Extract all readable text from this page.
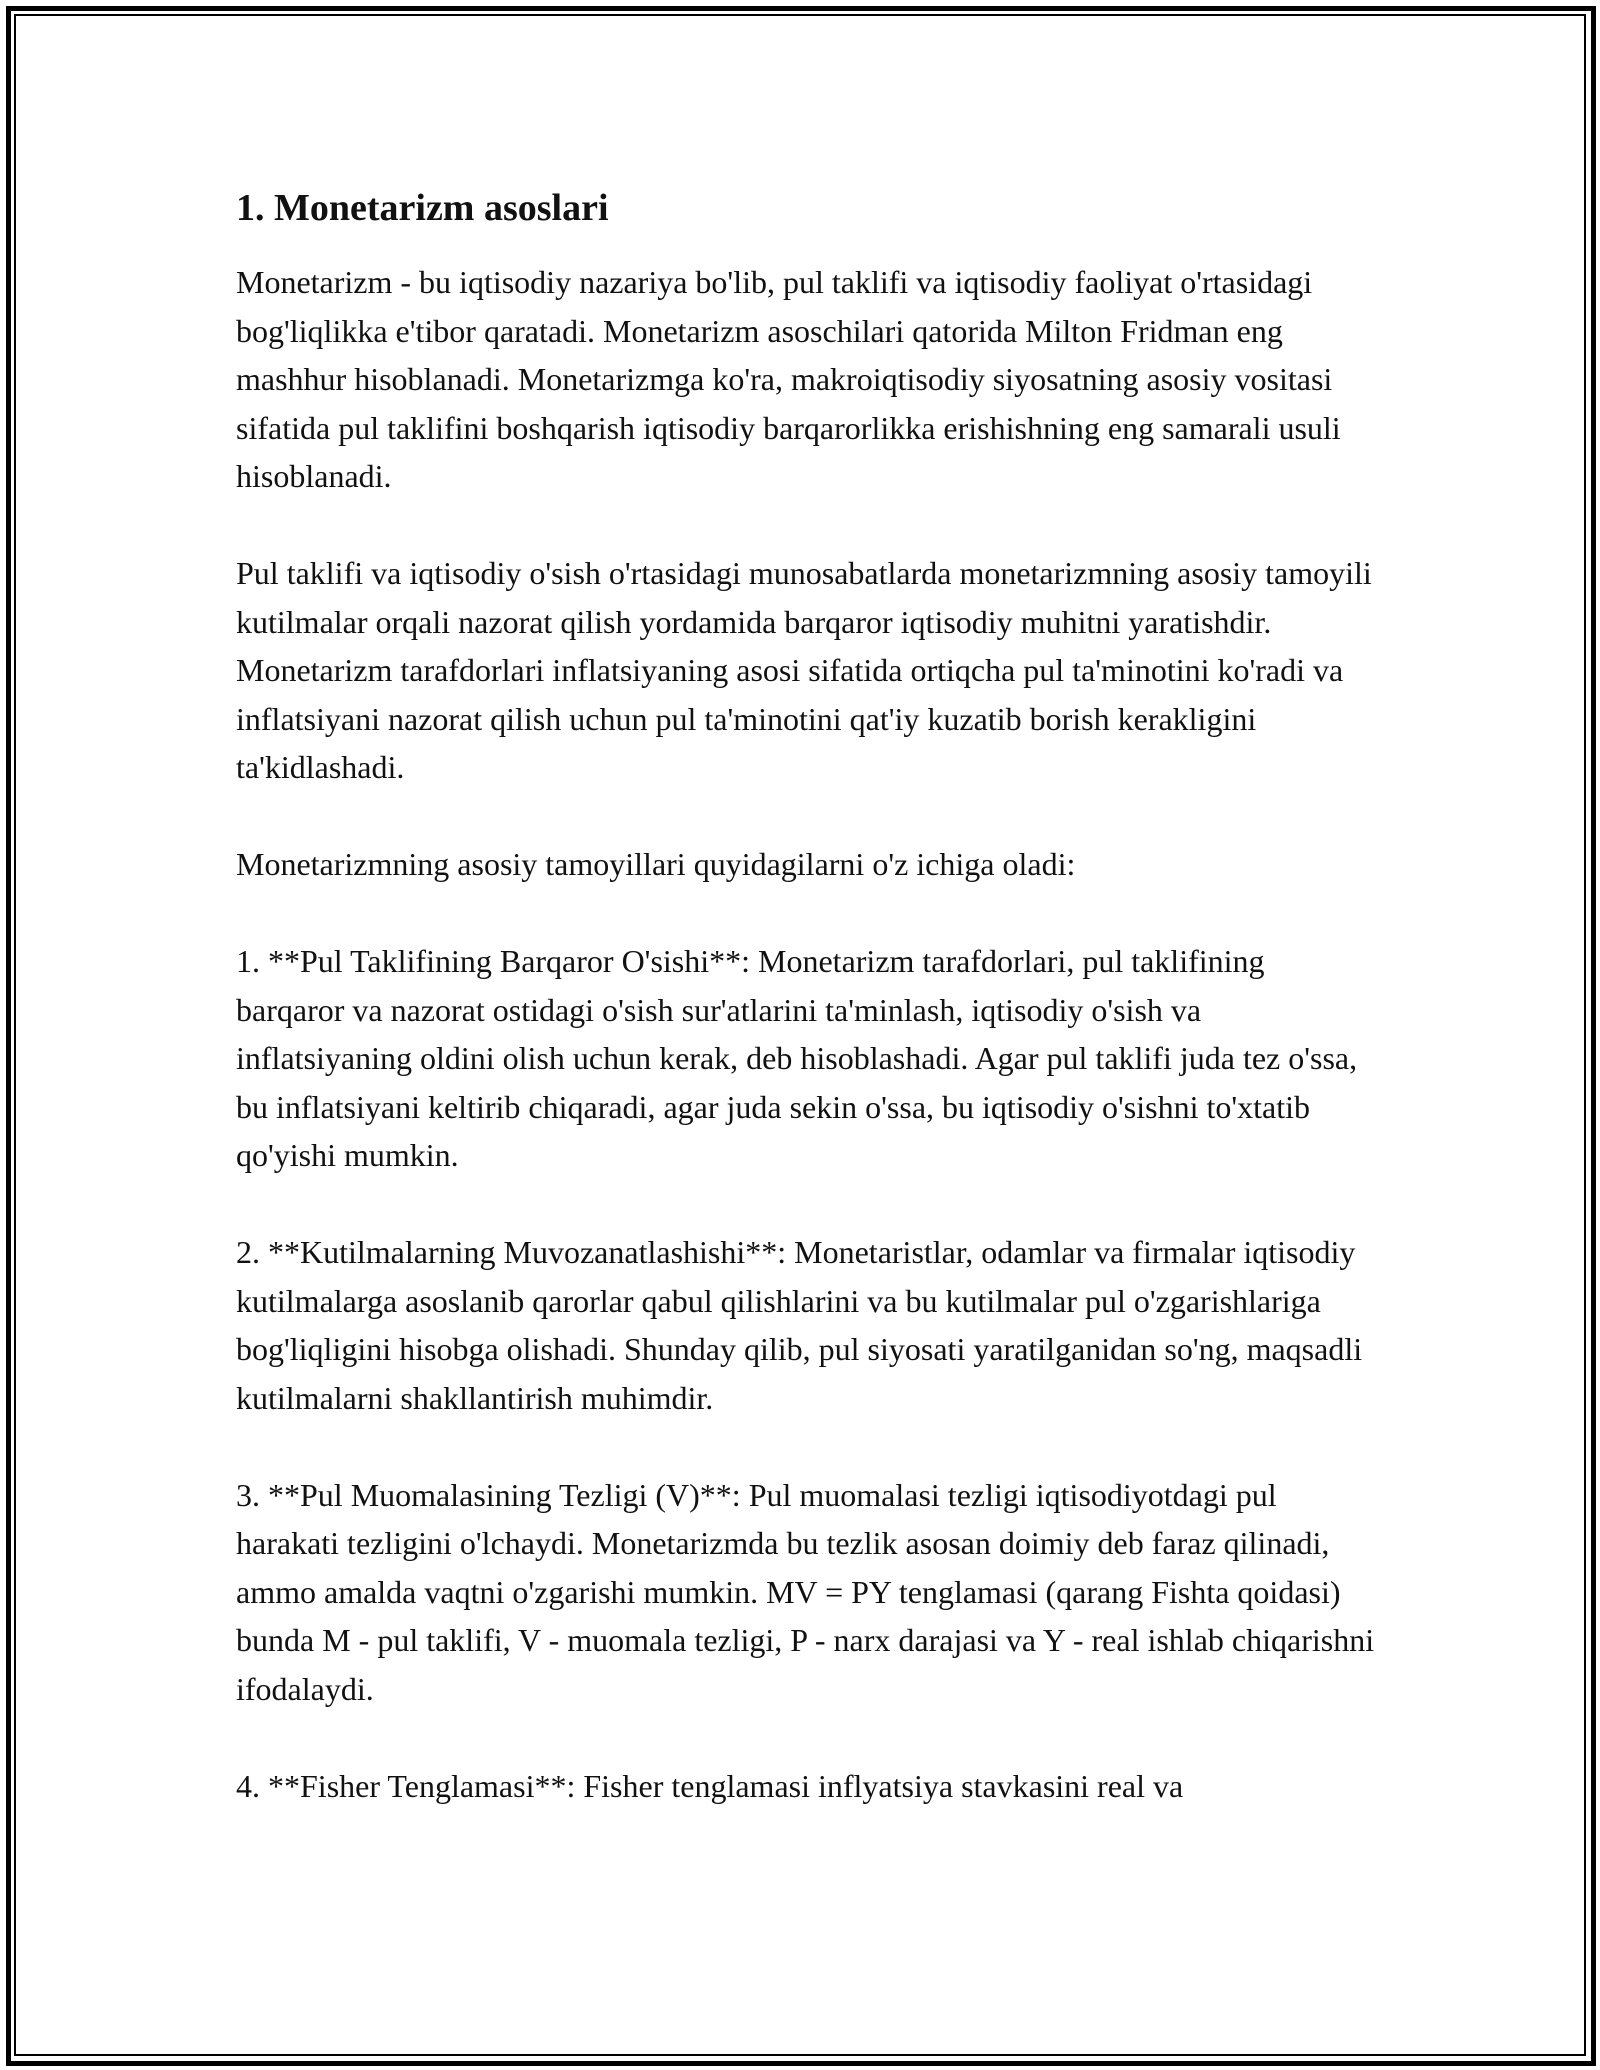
1. Monetarizm asoslari

Monetarizm - bu iqtisodiy nazariya bo'lib, pul taklifi va iqtisodiy faoliyat o'rtasidagi bog'liqlikka e'tibor qaratadi. Monetarizm asoschilari qatorida Milton Fridman eng mashhur hisoblanadi. Monetarizmga ko'ra, makroiqtisodiy siyosatning asosiy vositasi sifatida pul taklifini boshqarish iqtisodiy barqarorlikka erishishning eng samarali usuli hisoblanadi.

Pul taklifi va iqtisodiy o'sish o'rtasidagi munosabatlarda monetarizmning asosiy tamoyili kutilmalar orqali nazorat qilish yordamida barqaror iqtisodiy muhitni yaratishdir. Monetarizm tarafdorlari inflatsiyaning asosi sifatida ortiqcha pul ta'minotini ko'radi va inflatsiyani nazorat qilish uchun pul ta'minotini qat'iy kuzatib borish kerakligini ta'kidlashadi.

Monetarizmning asosiy tamoyillari quyidagilarni o'z ichiga oladi:

1. **Pul Taklifining Barqaror O'sishi**: Monetarizm tarafdorlari, pul taklifining barqaror va nazorat ostidagi o'sish sur'atlarini ta'minlash, iqtisodiy o'sish va inflatsiyaning oldini olish uchun kerak, deb hisoblashadi. Agar pul taklifi juda tez o'ssa, bu inflatsiyani keltirib chiqaradi, agar juda sekin o'ssa, bu iqtisodiy o'sishni to'xtatib qo'yishi mumkin.

2. **Kutilmalarning Muvozanatlashishi**: Monetaristlar, odamlar va firmalar iqtisodiy kutilmalarga asoslanib qarorlar qabul qilishlarini va bu kutilmalar pul o'zgarishlariga bog'liqligini hisobga olishadi. Shunday qilib, pul siyosati yaratilganidan so'ng, maqsadli kutilmalarni shakllantirish muhimdir.

3. **Pul Muomalasining Tezligi (V)**: Pul muomalasi tezligi iqtisodiyotdagi pul harakati tezligini o'lchaydi. Monetarizmda bu tezlik asosan doimiy deb faraz qilinadi, ammo amalda vaqtni o'zgarishi mumkin. MV = PY tenglamasi (qarang Fishta qoidasi) bunda M - pul taklifi, V - muomala tezligi, P - narx darajasi va Y - real ishlab chiqarishni ifodalaydi.

4. **Fisher Tenglamasi**: Fisher tenglamasi inflyatsiya stavkasini real va
